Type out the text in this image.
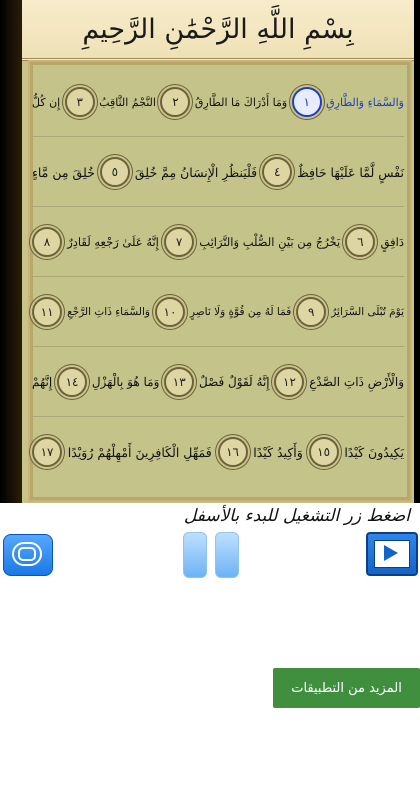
بِسْمِ اللَّهِ الرَّحْمَٰنِ الرَّحِيمِ
وَالسَّمَاءِ وَالطَّارِقِ
١
وَمَا أَدْرَاكَ مَا الطَّارِقُ
٢
النَّجْمُ الثَّاقِبُ
٣
إِن كُلُّ
نَفْسٍ لَّمَّا عَلَيْهَا حَافِظٌ
٤
فَلْيَنظُرِ الْإِنسَانُ مِمَّ خُلِقَ
٥
خُلِقَ مِن مَّاءٍ
دَافِقٍ
٦
يَخْرُجُ مِن بَيْنِ الصُّلْبِ وَالتَّرَائِبِ
٧
إِنَّهُ عَلَىٰ رَجْعِهِ لَقَادِرٌ
٨
يَوْمَ تُبْلَى السَّرَائِرُ
٩
فَمَا لَهُ مِن قُوَّةٍ وَلَا نَاصِرٍ
١٠
وَالسَّمَاءِ ذَاتِ الرَّجْعِ
١١
وَالْأَرْضِ ذَاتِ الصَّدْعِ
١٢
إِنَّهُ لَقَوْلٌ فَصْلٌ
١٣
وَمَا هُوَ بِالْهَزْلِ
١٤
إِنَّهُمْ
يَكِيدُونَ كَيْدًا
١٥
وَأَكِيدُ كَيْدًا
١٦
فَمَهِّلِ الْكَافِرِينَ أَمْهِلْهُمْ رُوَيْدًا
١٧
اضغط زر التشغيل للبدء بالأسفل
المزيد من التطبيقات
